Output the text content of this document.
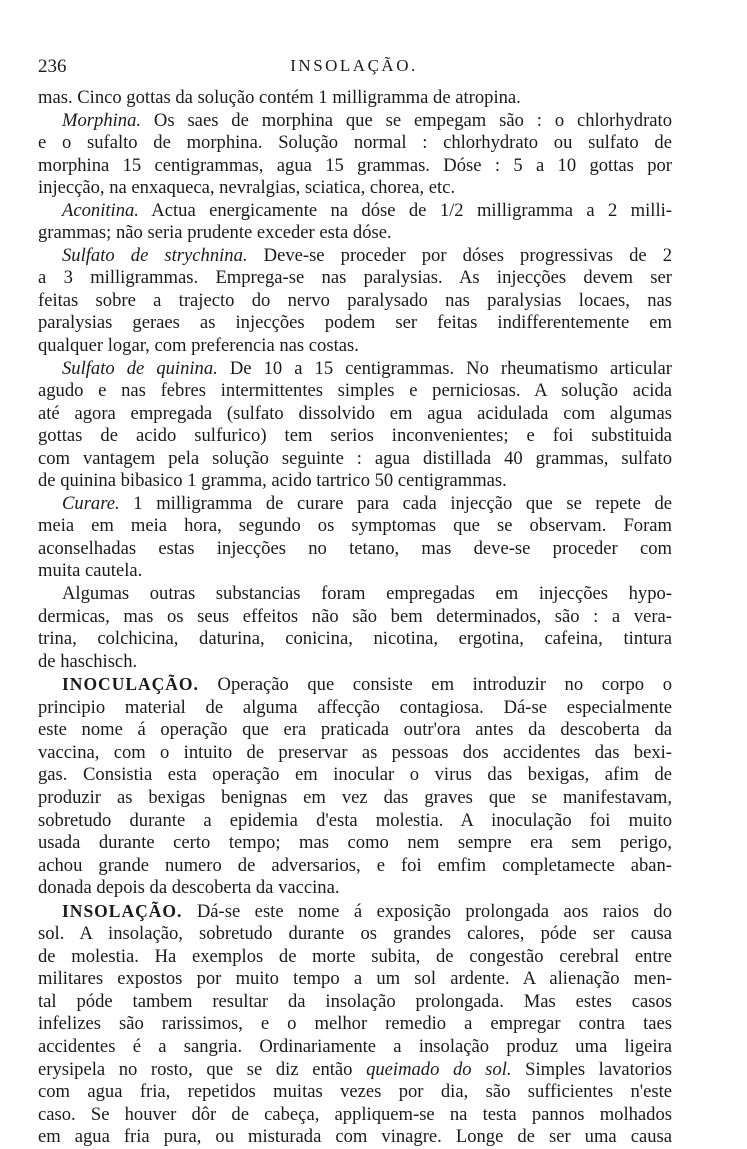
236	INSOLAÇÃO.
mas. Cinco gottas da solução contém 1 milligramma de atropina.
Morphina. Os saes de morphina que se empegam são : o chlorhydrato
e o sufalto de morphina. Solução normal : chlorhydrato ou sulfato de
morphina 15 centigrammas, agua 15 grammas. Dóse : 5 a 10 gottas por
injecção, na enxaqueca, nevralgias, sciatica, chorea, etc.
Aconitina. Actua energicamente na dóse de 1/2 milligramma a 2 milli-
grammas; não seria prudente exceder esta dóse.
Sulfato de strychnina. Deve-se proceder por dóses progressivas de 2
a 3 milligrammas. Emprega-se nas paralysias. As injecções devem ser
feitas sobre a trajecto do nervo paralysado nas paralysias locaes, nas
paralysias geraes as injecções podem ser feitas indifferentemente em
qualquer logar, com preferencia nas costas.
Sulfato de quinina. De 10 a 15 centigrammas. No rheumatismo articular
agudo e nas febres intermittentes simples e perniciosas. A solução acida
até agora empregada (sulfato dissolvido em agua acidulada com algumas
gottas de acido sulfurico) tem serios inconvenientes; e foi substituida
com vantagem pela solução seguinte : agua distillada 40 grammas, sulfato
de quinina bibasico 1 gramma, acido tartrico 50 centigrammas.
Curare. 1 milligramma de curare para cada injecção que se repete de
meia em meia hora, segundo os symptomas que se observam. Foram
aconselhadas estas injecções no tetano, mas deve-se proceder com
muita cautela.
Algumas outras substancias foram empregadas em injecções hypo-
dermicas, mas os seus effeitos não são bem determinados, são : a vera-
trina, colchicina, daturina, conicina, nicotina, ergotina, cafeina, tintura
de haschisch.
INOCULAÇÃO. Operação que consiste em introduzir no corpo o
principio material de alguma affecção contagiosa. Dá-se especialmente
este nome á operação que era praticada outr'ora antes da descoberta da
vaccina, com o intuito de preservar as pessoas dos accidentes das bexi-
gas. Consistia esta operação em inocular o virus das bexigas, afim de
produzir as bexigas benignas em vez das graves que se manifestavam,
sobretudo durante a epidemia d'esta molestia. A inoculação foi muito
usada durante certo tempo; mas como nem sempre era sem perigo,
achou grande numero de adversarios, e foi emfim completamecte aban-
donada depois da descoberta da vaccina.
INSOLAÇÃO. Dá-se este nome á exposição prolongada aos raios do
sol. A insolação, sobretudo durante os grandes calores, póde ser causa
de molestia. Ha exemplos de morte subita, de congestão cerebral entre
militares expostos por muito tempo a um sol ardente. A alienação men-
tal póde tambem resultar da insolação prolongada. Mas estes casos
infelizes são rarissimos, e o melhor remedio a empregar contra taes
accidentes é a sangria. Ordinariamente a insolação produz uma ligeira
erysipela no rosto, que se diz então queimado do sol. Simples lavatorios
com agua fria, repetidos muitas vezes por dia, são sufficientes n'este
caso. Se houver dôr de cabeça, appliquem-se na testa pannos molhados
em agua fria pura, ou misturada com vinagre. Longe de ser uma causa
